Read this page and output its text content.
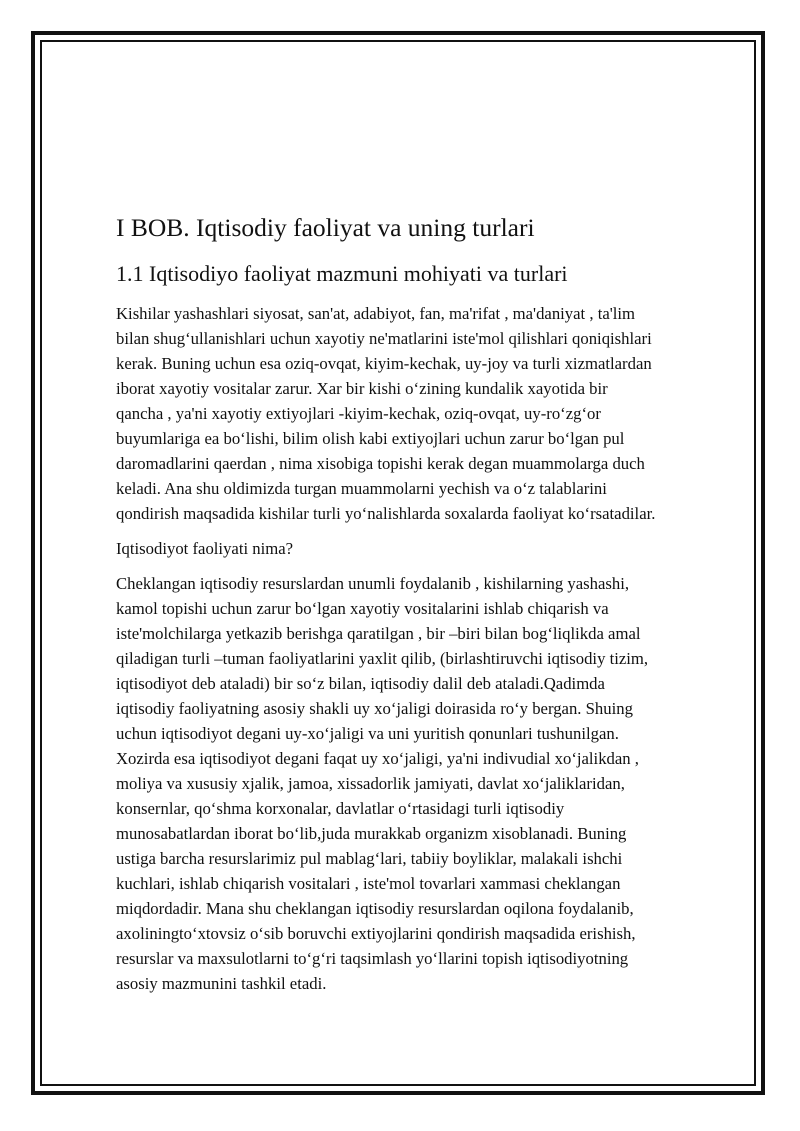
I BOB. Iqtisodiy faoliyat va uning turlari
1.1 Iqtisodiyo faoliyat mazmuni mohiyati va turlari

Kishilar yashashlari siyosat, san'at, adabiyot, fan, ma'rifat , ma'daniyat , ta'lim
bilan shug‘ullanishlari uchun xayotiy ne'matlarini iste'mol qilishlari qoniqishlari
kerak. Buning uchun esa oziq-ovqat, kiyim-kechak, uy-joy va turli xizmatlardan
iborat xayotiy vositalar zarur. Xar bir kishi o‘zining kundalik xayotida bir
qancha , ya'ni xayotiy extiyojlari -kiyim-kechak, oziq-ovqat, uy-ro‘zg‘or
buyumlariga ea bo‘lishi, bilim olish kabi extiyojlari uchun zarur bo‘lgan pul
daromadlarini qaerdan , nima xisobiga topishi kerak degan muammolarga duch
keladi. Ana shu oldimizda turgan muammolarni yechish va o‘z talablarini
qondirish maqsadida kishilar turli yo‘nalishlarda soxalarda faoliyat ko‘rsatadilar.

Iqtisodiyot faoliyati nima?

Cheklangan iqtisodiy resurslardan unumli foydalanib , kishilarning yashashi,
kamol topishi uchun zarur bo‘lgan xayotiy vositalarini ishlab chiqarish va
iste'molchilarga yetkazib berishga qaratilgan , bir –biri bilan bog‘liqlikda amal
qiladigan turli –tuman faoliyatlarini yaxlit qilib, (birlashtiruvchi iqtisodiy tizim,
iqtisodiyot deb ataladi) bir so‘z bilan, iqtisodiy dalil deb ataladi.Qadimda
iqtisodiy faoliyatning asosiy shakli uy xo‘jaligi doirasida ro‘y bergan. Shuing
uchun iqtisodiyot degani uy-xo‘jaligi va uni yuritish qonunlari tushunilgan.
Xozirda esa iqtisodiyot degani faqat uy xo‘jaligi, ya'ni indivudial xo‘jalikdan ,
moliya va xususiy xjalik, jamoa, xissadorlik jamiyati, davlat xo‘jaliklaridan,
konsernlar, qo‘shma korxonalar, davlatlar o‘rtasidagi turli iqtisodiy
munosabatlardan iborat bo‘lib,juda murakkab organizm xisoblanadi. Buning
ustiga barcha resurslarimiz pul mablag‘lari, tabiiy boyliklar, malakali ishchi
kuchlari, ishlab chiqarish vositalari , iste'mol tovarlari xammasi cheklangan
miqdordadir. Mana shu cheklangan iqtisodiy resurslardan oqilona foydalanib,
axoliningto‘xtovsiz o‘sib boruvchi extiyojlarini qondirish maqsadida erishish,
resurslar va maxsulotlarni to‘g‘ri taqsimlash yo‘llarini topish iqtisodiyotning
asosiy mazmunini tashkil etadi.
